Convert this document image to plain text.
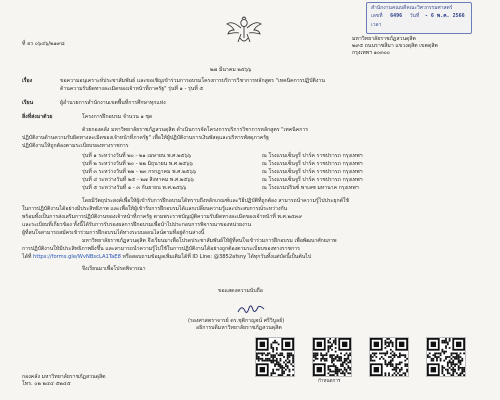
สำนักงานคณบดีคณะวิศวกรรมศาสตร์
เลขที่ 6496 วันที่ - 6 พ.ค. 2566
เวลา
ที่ อว ๐๖๔๖/๒๑๙๘
มหาวิทยาลัยราชภัฏสวนดุสิต
๒๙๕ ถนนราชสีมา แขวงดุสิต เขตดุสิต
กรุงเทพฯ ๑๐๓๐๐
๒๗ มีนาคม ๒๕๖๖
เรื่อง	ขอความอนุเคราะห์ประชาสัมพันธ์ และขอเชิญเข้าร่วมการอบรมโครงการบริการวิชาการหลักสูตร "เทคนิคการปฏิบัติงาน
ด้านความรับผิดทางละเมิดของเจ้าหน้าที่ภาครัฐ" รุ่นที่ ๑ - รุ่นที่ ๕
เรียน	ผู้อำนวยการสำนักงานเขตพื้นที่การศึกษาทุกแห่ง
สิ่งที่ส่งมาด้วย	โครงการฝึกอบรม จำนวน ๑ ชุด
ด้วยกองคลัง มหาวิทยาลัยราชภัฏสวนดุสิต ดำเนินการจัดโครงการบริการวิชาการหลักสูตร "เทคนิคการ
ปฏิบัติงานด้านความรับผิดทางละเมิดของเจ้าหน้าที่ภาครัฐ" เพื่อให้ผู้ปฏิบัติงานการเงินพัสดุและบริหารพัสดุภาครัฐ
ปฏิบัติงานให้ถูกต้องตามระเบียบของทางราชการ
รุ่นที่ ๑ ระหว่างวันที่ ๒๐ - ๒๑ เมษายน พ.ศ.๒๕๖๖	ณ โรงแรมเซ็นจูรี่ ปาร์ค ราชปรารภ กรุงเทพฯ
รุ่นที่ ๒ ระหว่างวันที่ ๒๐ - ๒๒ มิถุนายน พ.ศ.๒๕๖๖	ณ โรงแรมเซ็นจูรี่ ปาร์ค ราชปรารภ กรุงเทพฯ
รุ่นที่ ๓ ระหว่างวันที่ ๒๒ - ๒๓ กรกฎาคม พ.ศ.๒๕๖๖	ณ โรงแรมเซ็นจูรี่ ปาร์ค ราชปรารภ กรุงเทพฯ
รุ่นที่ ๔ ระหว่างวันที่ ๒๕ - ๒๗ สิงหาคม พ.ศ.๒๕๖๖	ณ โรงแรมเซ็นจูรี่ ปาร์ค ราชปรารภ กรุงเทพฯ
รุ่นที่ ๕ ระหว่างวันที่ ๑ - ๓ กันยายน พ.ศ.๒๕๖๖	ณ โรงแรมปรินซ์ พาเลซ มหานาค กรุงเทพฯ
โดยมีวัตถุประสงค์เพื่อให้ผู้เข้ารับการฝึกอบรมได้ทราบถึงหลักเกณฑ์และวิธีปฏิบัติที่ถูกต้อง สามารถนำความรู้ไปประยุกต์ใช้
ในการปฏิบัติงานได้อย่างมีประสิทธิภาพ และเพื่อให้ผู้เข้ารับการฝึกอบรมได้แลกเปลี่ยนความรู้และประสบการณ์ระหว่างกัน
พร้อมทั้งเป็นการส่งเสริมการปฏิบัติงานของเจ้าหน้าที่ภาครัฐ ตามพระราชบัญญัติความรับผิดทางละเมิดของเจ้าหน้าที่ พ.ศ.๒๕๓๙
และระเบียบที่เกี่ยวข้อง ทั้งนี้ได้รับการรับรองผลการฝึกอบรมเพื่อนำไปประกอบการพิจารณาของหน่วยงาน
ผู้ที่สนใจสามารถสมัครเข้าร่วมการฝึกอบรมได้ทางระบบออนไลน์ตามที่อยู่ด้านล่างนี้
มหาวิทยาลัยราชภัฏสวนดุสิต จึงเรียนมาเพื่อโปรดประชาสัมพันธ์ให้ผู้ที่สนใจเข้าร่วมการฝึกอบรม เพื่อพัฒนาศักยภาพ
การปฏิบัติงานให้มีประสิทธิภาพยิ่งขึ้น และสามารถนำความรู้ไปใช้ในการปฏิบัติงานได้อย่างถูกต้องตามระเบียบของทางราชการ
ได้ที่ https://forms.gle/WvNBscLA1TaE8 หรือสอบถามข้อมูลเพิ่มเติมได้ที่ ID Line: @3852afsny ได้ทุกวันทั้งแต่บัดนี้เป็นต้นไป
จึงเรียนมาเพื่อโปรดพิจารณา
ขอแสดงความนับถือ
(รองศาสตราจารย์ ดร.ชุติกาญจน์ ศรีวิบูลย์)
อธิการบดีมหาวิทยาลัยราชภัฏสวนดุสิต
กองคลัง มหาวิทยาลัยราชภัฏสวนดุสิต
โทร. ๐๒ ๒๔๔ ๕๒๔๕	กำหนดการ
